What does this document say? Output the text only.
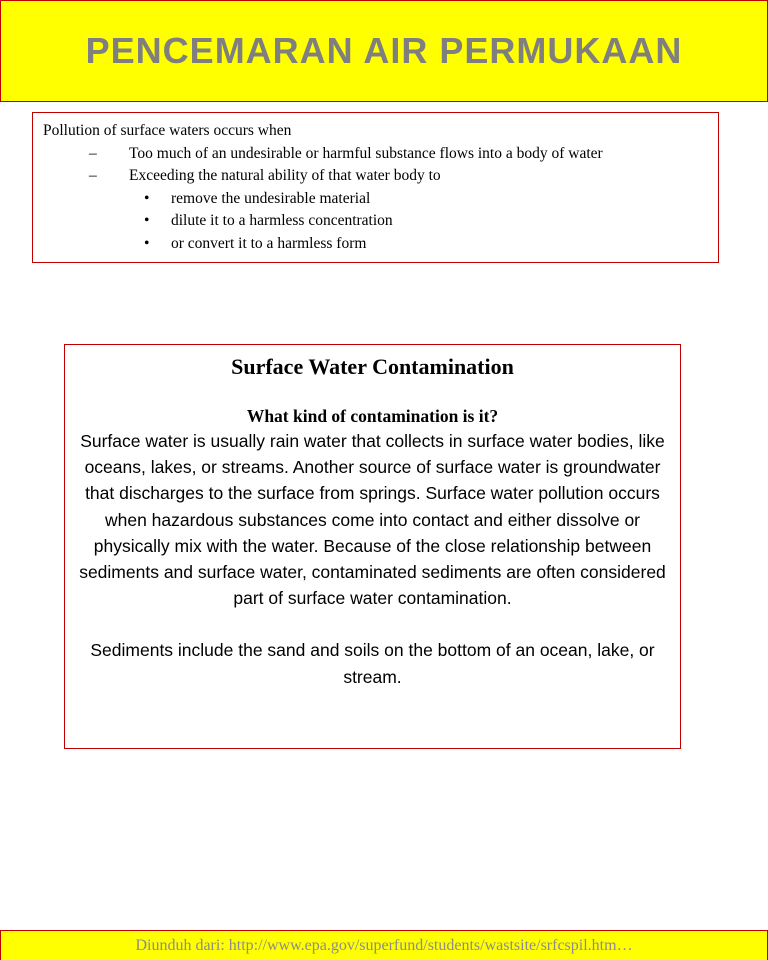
PENCEMARAN AIR PERMUKAAN

Pollution of surface waters occurs when

– Too much of an undesirable or harmful substance flows into a body of water

– Exceeding the natural ability of that water body to

• remove the undesirable material

• dilute it to a harmless concentration

• or convert it to a harmless form

Surface Water Contamination

What kind of contamination is it?

Surface water is usually rain water that collects in surface water bodies, like oceans, lakes, or streams. Another source of surface water is groundwater that discharges to the surface from springs. Surface water pollution occurs when hazardous substances come into contact and either dissolve or physically mix with the water. Because of the close relationship between sediments and surface water, contaminated sediments are often considered part of surface water contamination.

Sediments include the sand and soils on the bottom of an ocean, lake, or stream.

Diunduh dari: http://www.epa.gov/superfund/students/wastsite/srfcspil.htm…
